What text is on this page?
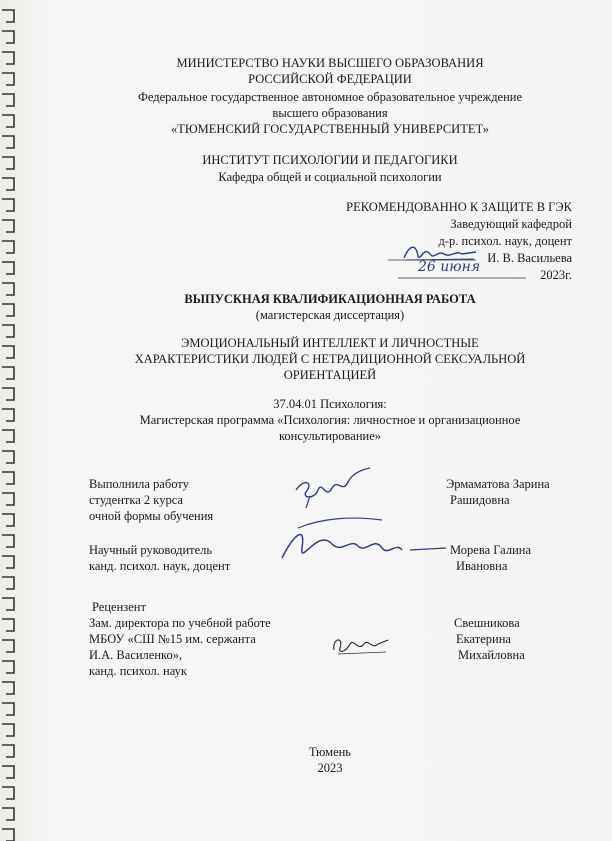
МИНИСТЕРСТВО НАУКИ ВЫСШЕГО ОБРАЗОВАНИЯ
РОССИЙСКОЙ ФЕДЕРАЦИИ
Федеральное государственное автономное образовательное учреждение
высшего образования
«ТЮМЕНСКИЙ ГОСУДАРСТВЕННЫЙ УНИВЕРСИТЕТ»
ИНСТИТУТ ПСИХОЛОГИИ И ПЕДАГОГИКИ
Кафедра общей и социальной психологии
РЕКОМЕНДОВАННО К ЗАЩИТЕ В ГЭК
Заведующий кафедрой
д-р. психол. наук, доцент
И. В. Васильева
2023г.
26 июня
ВЫПУСКНАЯ КВАЛИФИКАЦИОННАЯ РАБОТА
(магистерская диссертация)
ЭМОЦИОНАЛЬНЫЙ ИНТЕЛЛЕКТ И ЛИЧНОСТНЫЕ
ХАРАКТЕРИСТИКИ ЛЮДЕЙ С НЕТРАДИЦИОННОЙ СЕКСУАЛЬНОЙ
ОРИЕНТАЦИЕЙ
37.04.01 Психология:
Магистерская программа «Психология: личностное и организационное
консультирование»
Выполнила работу
студентка 2 курса
очной формы обучения
Эрмаматова Зарина
Рашидовна
Научный руководитель
канд. психол. наук, доцент
Морева Галина
Ивановна
Рецензент
Зам. директора по учебной работе
МБОУ «СШ №15 им. сержанта
И.А. Василенко»,
канд. психол. наук
Свешникова
Екатерина
Михайловна
Тюмень
2023
